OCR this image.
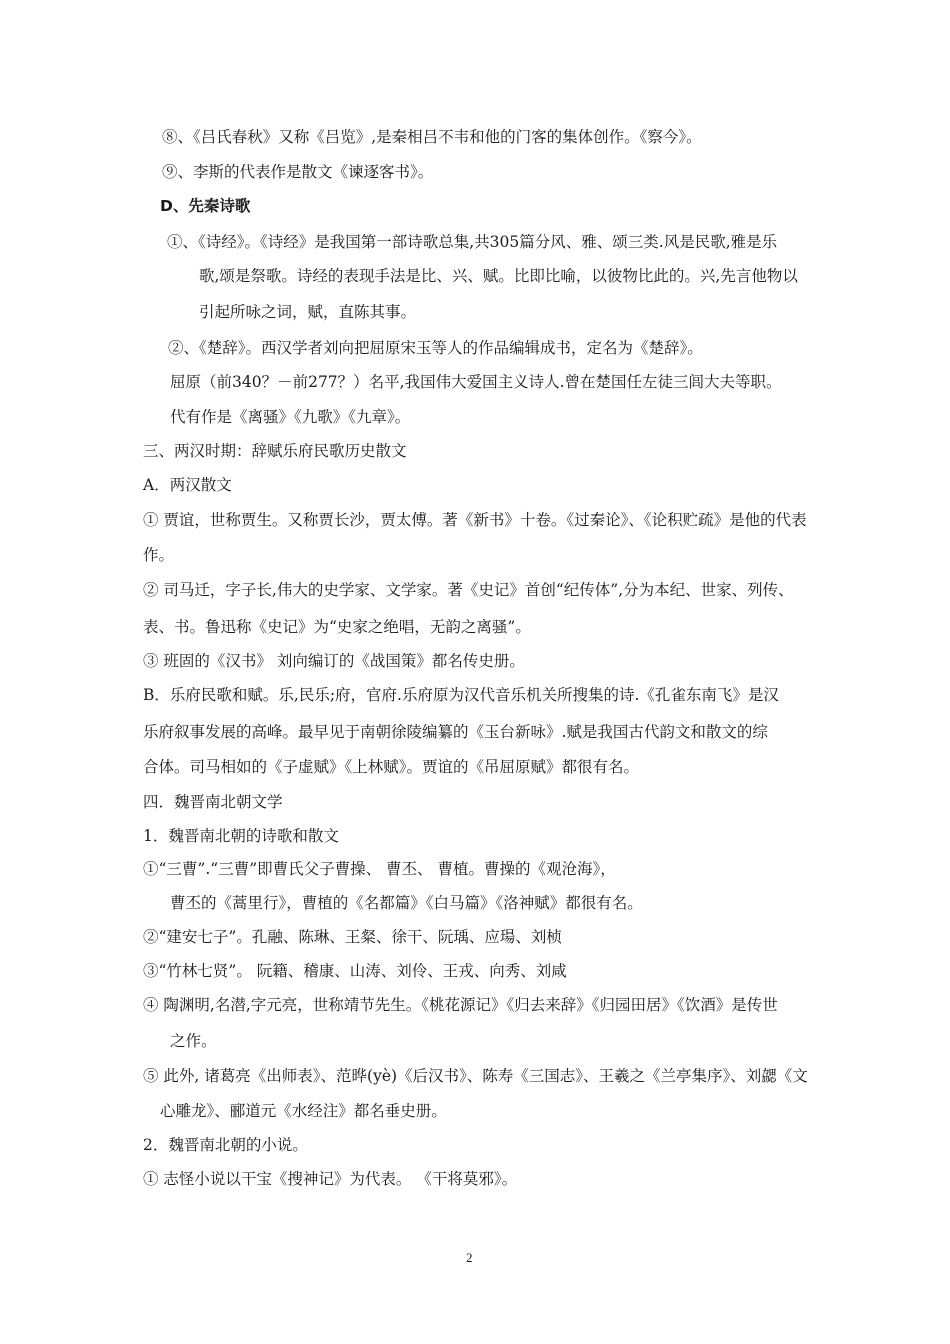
⑧、《吕氏春秋》又称《吕览》,是秦相吕不韦和他的门客的集体创作。《察今》。
⑨、李斯的代表作是散文《谏逐客书》。
D、先秦诗歌
①、《诗经》。《诗经》是我国第一部诗歌总集,共305篇分风、雅、颂三类.风是民歌,雅是乐
歌,颂是祭歌。诗经的表现手法是比、兴、赋。比即比喻，以彼物比此的。兴,先言他物以
引起所咏之词，赋，直陈其事。
②、《楚辞》。西汉学者刘向把屈原宋玉等人的作品编辑成书，定名为《楚辞》。
屈原（前340？－前277？）名平,我国伟大爱国主义诗人.曾在楚国任左徒三闾大夫等职。
代有作是《离骚》《九歌》《九章》。
三、两汉时期：辞赋乐府民歌历史散文
A．两汉散文
① 贾谊，世称贾生。又称贾长沙，贾太傅。著《新书》十卷。《过秦论》、《论积贮疏》是他的代表
作。
② 司马迁，字子长,伟大的史学家、文学家。著《史记》首创“纪传体”,分为本纪、世家、列传、
表、书。鲁迅称《史记》为“史家之绝唱，无韵之离骚”。
③ 班固的《汉书》 刘向编订的《战国策》都名传史册。
B．乐府民歌和赋。乐,民乐;府，官府.乐府原为汉代音乐机关所搜集的诗.《孔雀东南飞》是汉
乐府叙事发展的高峰。最早见于南朝徐陵编纂的《玉台新咏》.赋是我国古代韵文和散文的综
合体。司马相如的《子虚赋》《上林赋》。贾谊的《吊屈原赋》都很有名。
四．魏晋南北朝文学
1．魏晋南北朝的诗歌和散文
①“三曹”.“三曹”即曹氏父子曹操、 曹丕、 曹植。曹操的《观沧海》，
曹丕的《蒿里行》，曹植的《名都篇》《白马篇》《洛神赋》都很有名。
②“建安七子”。孔融、陈琳、王粲、徐干、阮瑀、应瑒、刘桢
③“竹林七贤”。 阮籍、稽康、山涛、刘伶、王戎、向秀、刘咸
④ 陶渊明,名潜,字元亮，世称靖节先生。《桃花源记》《归去来辞》《归园田居》《饮酒》是传世
之作。
⑤ 此外, 诸葛亮《出师表》、范晔(yè)《后汉书》、陈寿《三国志》、王羲之《兰亭集序》、刘勰《文
心雕龙》、郦道元《水经注》都名垂史册。
2．魏晋南北朝的小说。
① 志怪小说以干宝《搜神记》为代表。 《干将莫邪》。
2
